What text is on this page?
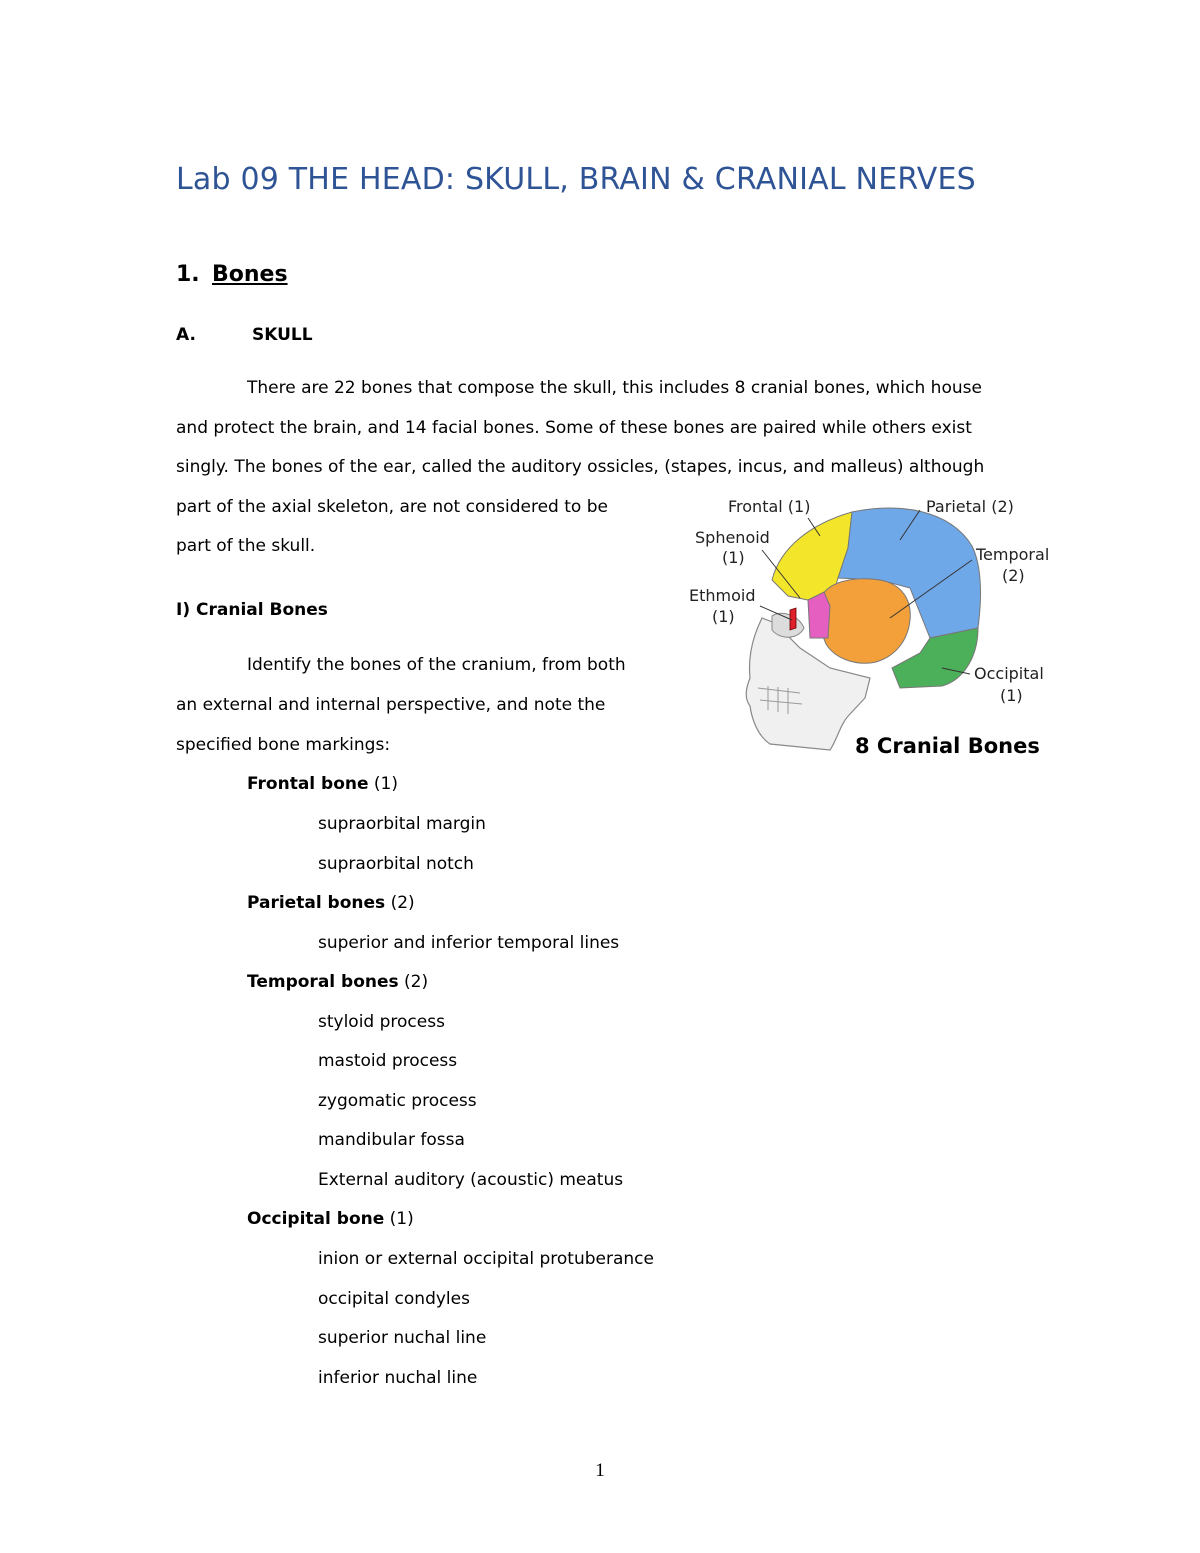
Lab 09 THE HEAD: SKULL, BRAIN & CRANIAL NERVES
1. Bones
A.	SKULL
There are 22 bones that compose the skull, this includes 8 cranial bones, which house
and protect the brain, and 14 facial bones. Some of these bones are paired while others exist
singly. The bones of the ear, called the auditory ossicles, (stapes, incus, and malleus) although
part of the axial skeleton, are not considered to be
part of the skull.
I) Cranial Bones
Identify the bones of the cranium, from both
an external and internal perspective, and note the
specified bone markings:
Frontal bone (1)
supraorbital margin
supraorbital notch
Parietal bones (2)
superior and inferior temporal lines
Temporal bones (2)
styloid process
mastoid process
zygomatic process
mandibular fossa
External auditory (acoustic) meatus
Occipital bone (1)
inion or external occipital protuberance
occipital condyles
superior nuchal line
inferior nuchal line
Frontal (1)	Parietal (2)
Sphenoid
(1)	Temporal
(2)
Ethmoid
(1)
Occipital
(1)
8 Cranial Bones
1
